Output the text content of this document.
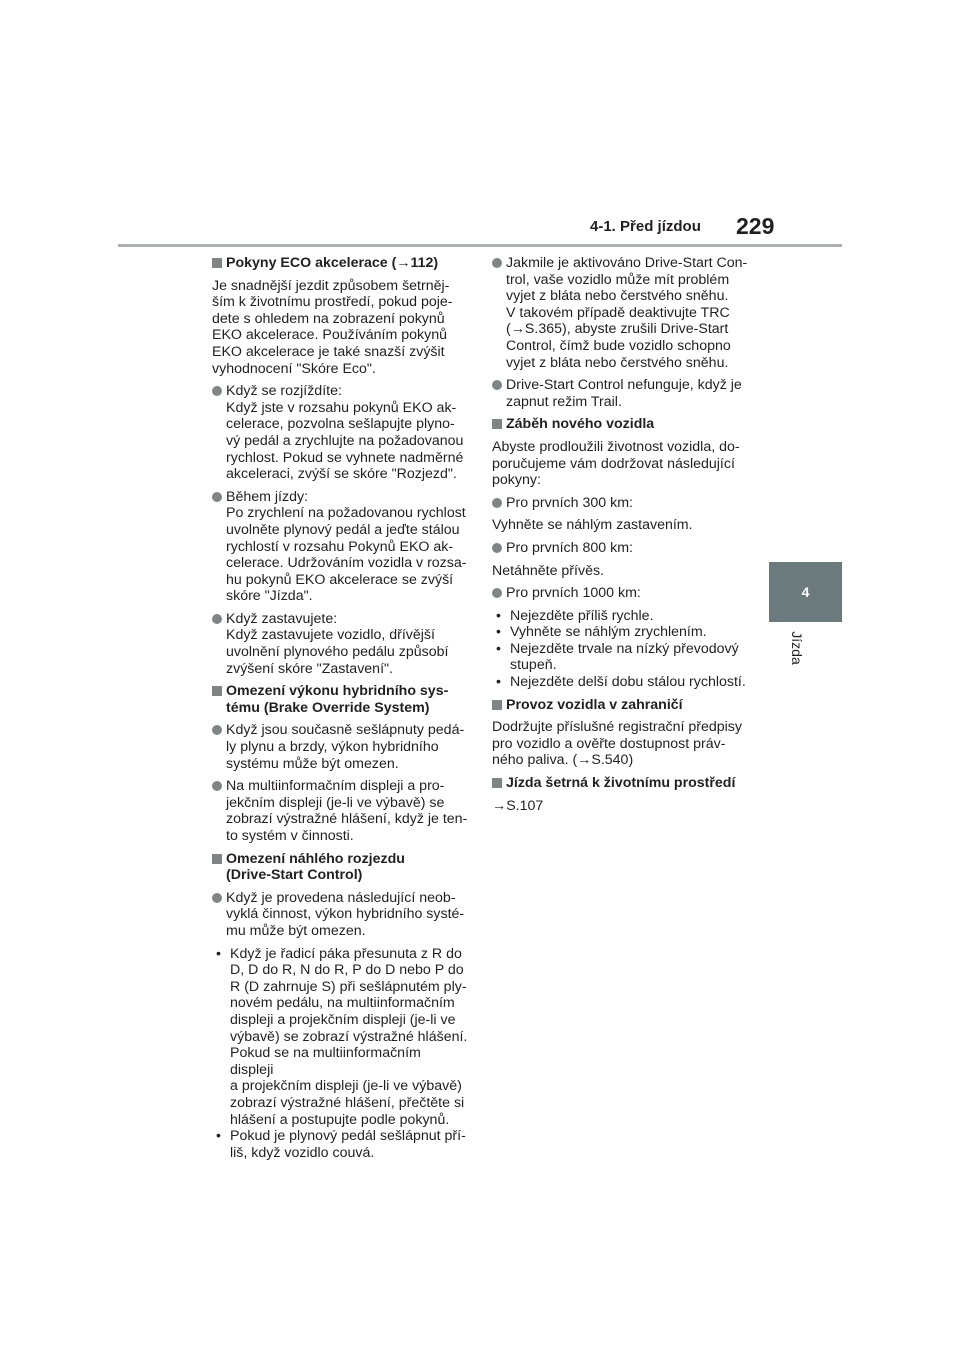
4-1. Před jízdou 229
4
Jízda
Pokyny ECO akcelerace (→112)
Je snadnější jezdit způsobem šetrněj-
ším k životnímu prostředí, pokud poje-
dete s ohledem na zobrazení pokynů
EKO akcelerace. Používáním pokynů
EKO akcelerace je také snazší zvýšit
vyhodnocení "Skóre Eco".
Když se rozjíždíte:
Když jste v rozsahu pokynů EKO ak-
celerace, pozvolna sešlapujte plyno-
vý pedál a zrychlujte na požadovanou
rychlost. Pokud se vyhnete nadměrné
akceleraci, zvýší se skóre "Rozjezd".
Během jízdy:
Po zrychlení na požadovanou rychlost
uvolněte plynový pedál a jeďte stálou
rychlostí v rozsahu Pokynů EKO ak-
celerace. Udržováním vozidla v rozsa-
hu pokynů EKO akcelerace se zvýší
skóre "Jízda".
Když zastavujete:
Když zastavujete vozidlo, dřívější
uvolnění plynového pedálu způsobí
zvýšení skóre "Zastavení".
Omezení výkonu hybridního sys-
tému (Brake Override System)
Když jsou současně sešlápnuty pedá-
ly plynu a brzdy, výkon hybridního
systému může být omezen.
Na multiinformačním displeji a pro-
jekčním displeji (je-li ve výbavě) se
zobrazí výstražné hlášení, když je ten-
to systém v činnosti.
Omezení náhlého rozjezdu
(Drive-Start Control)
Když je provedena následující neob-
vyklá činnost, výkon hybridního systé-
mu může být omezen.
• Když je řadicí páka přesunuta z R do
D, D do R, N do R, P do D nebo P do
R (D zahrnuje S) při sešlápnutém ply-
novém pedálu, na multiinformačním
displeji a projekčním displeji (je-li ve
výbavě) se zobrazí výstražné hlášení.
Pokud se na multiinformačním displeji
a projekčním displeji (je-li ve výbavě)
zobrazí výstražné hlášení, přečtěte si
hlášení a postupujte podle pokynů.
• Pokud je plynový pedál sešlápnut pří-
liš, když vozidlo couvá.
Jakmile je aktivováno Drive-Start Con-
trol, vaše vozidlo může mít problém
vyjet z bláta nebo čerstvého sněhu.
V takovém případě deaktivujte TRC
(→S.365), abyste zrušili Drive-Start
Control, čímž bude vozidlo schopno
vyjet z bláta nebo čerstvého sněhu.
Drive-Start Control nefunguje, když je
zapnut režim Trail.
Záběh nového vozidla
Abyste prodloužili životnost vozidla, do-
poručujeme vám dodržovat následující
pokyny:
Pro prvních 300 km:
Vyhněte se náhlým zastavením.
Pro prvních 800 km:
Netáhněte přívěs.
Pro prvních 1000 km:
• Nejezděte příliš rychle.
• Vyhněte se náhlým zrychlením.
• Nejezděte trvale na nízký převodový
stupeň.
• Nejezděte delší dobu stálou rychlostí.
Provoz vozidla v zahraničí
Dodržujte příslušné registrační předpisy
pro vozidlo a ověřte dostupnost práv-
ného paliva. (→S.540)
Jízda šetrná k životnímu prostředí
→S.107
